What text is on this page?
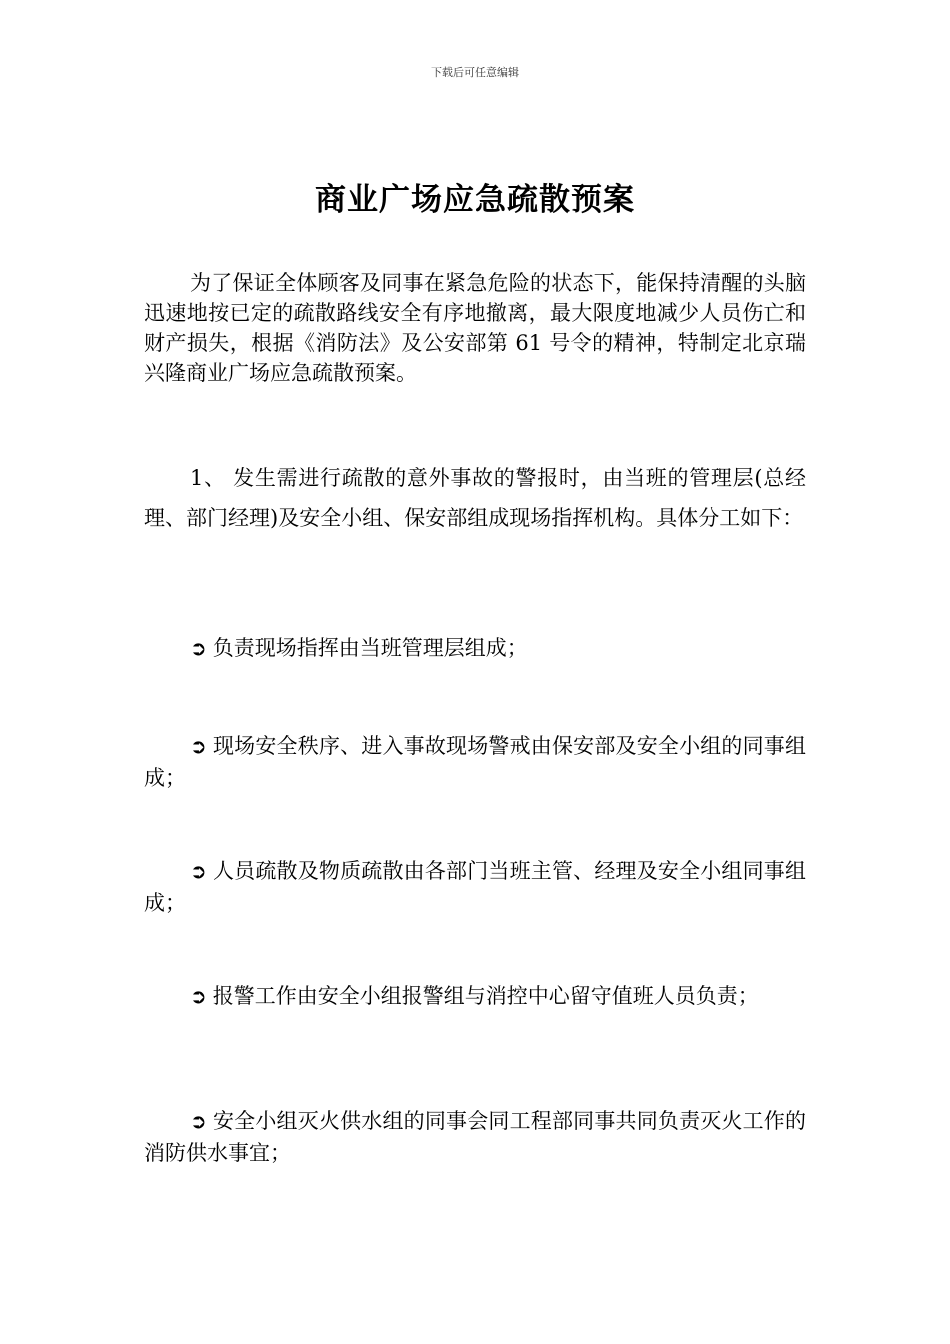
下载后可任意编辑
商业广场应急疏散预案

为了保证全体顾客及同事在紧急危险的状态下，能保持清醒的头脑迅速地按已定的疏散路线安全有序地撤离，最大限度地减少人员伤亡和财产损失，根据《消防法》及公安部第 61 号令的精神，特制定北京瑞兴隆商业广场应急疏散预案。

1、 发生需进行疏散的意外事故的警报时，由当班的管理层(总经理、部门经理)及安全小组、保安部组成现场指挥机构。具体分工如下：

➲ 负责现场指挥由当班管理层组成；

➲ 现场安全秩序、进入事故现场警戒由保安部及安全小组的同事组成；

➲ 人员疏散及物质疏散由各部门当班主管、经理及安全小组同事组成；

➲ 报警工作由安全小组报警组与消控中心留守值班人员负责；

➲ 安全小组灭火供水组的同事会同工程部同事共同负责灭火工作的消防供水事宜；
